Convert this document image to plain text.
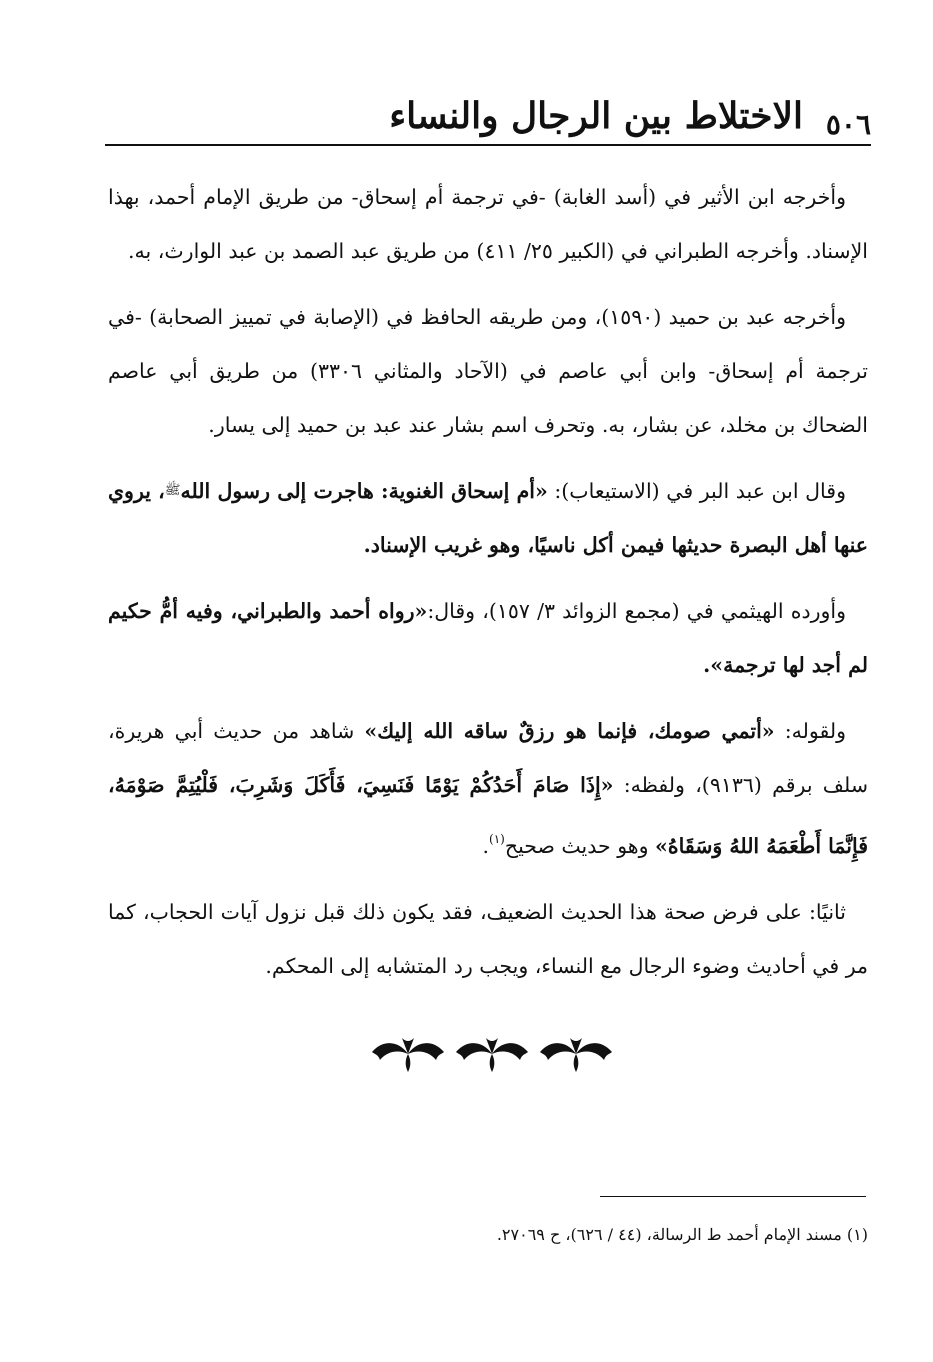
الاختلاط بين الرجال والنساء ٥٠٦

وأخرجه ابن الأثير في (أسد الغابة) -في ترجمة أم إسحاق- من طريق الإمام أحمد، بهذا الإسناد. وأخرجه الطبراني في (الكبير ٢٥/ ٤١١) من طريق عبد الصمد بن عبد الوارث، به.

وأخرجه عبد بن حميد (١٥٩٠)، ومن طريقه الحافظ في (الإصابة في تمييز الصحابة) -في ترجمة أم إسحاق- وابن أبي عاصم في (الآحاد والمثاني ٣٣٠٦) من طريق أبي عاصم الضحاك بن مخلد، عن بشار، به. وتحرف اسم بشار عند عبد بن حميد إلى يسار.

وقال ابن عبد البر في (الاستيعاب): «أم إسحاق الغنوية: هاجرت إلى رسول اللهﷺ، يروي عنها أهل البصرة حديثها فيمن أكل ناسيًا، وهو غريب الإسناد.

وأورده الهيثمي في (مجمع الزوائد ٣/ ١٥٧)، وقال:«رواه أحمد والطبراني، وفيه أمُّ حكيم لم أجد لها ترجمة».

ولقوله: «أتمي صومك، فإنما هو رزقٌ ساقه الله إليك» شاهد من حديث أبي هريرة، سلف برقم (٩١٣٦)، ولفظه: «إِذَا صَامَ أَحَدُكُمْ يَوْمًا فَنَسِيَ، فَأَكَلَ وَشَرِبَ، فَلْيُتِمَّ صَوْمَهُ، فَإِنَّمَا أَطْعَمَهُ اللهُ وَسَقَاهُ» وهو حديث صحيح$^{(١)}$.

ثانيًا: على فرض صحة هذا الحديث الضعيف، فقد يكون ذلك قبل نزول آيات الحجاب، كما مر في أحاديث وضوء الرجال مع النساء، ويجب رد المتشابه إلى المحكم.

(١) مسند الإمام أحمد ط الرسالة، (٤٤ / ٦٢٦)، ح ٢٧٠٦٩.
